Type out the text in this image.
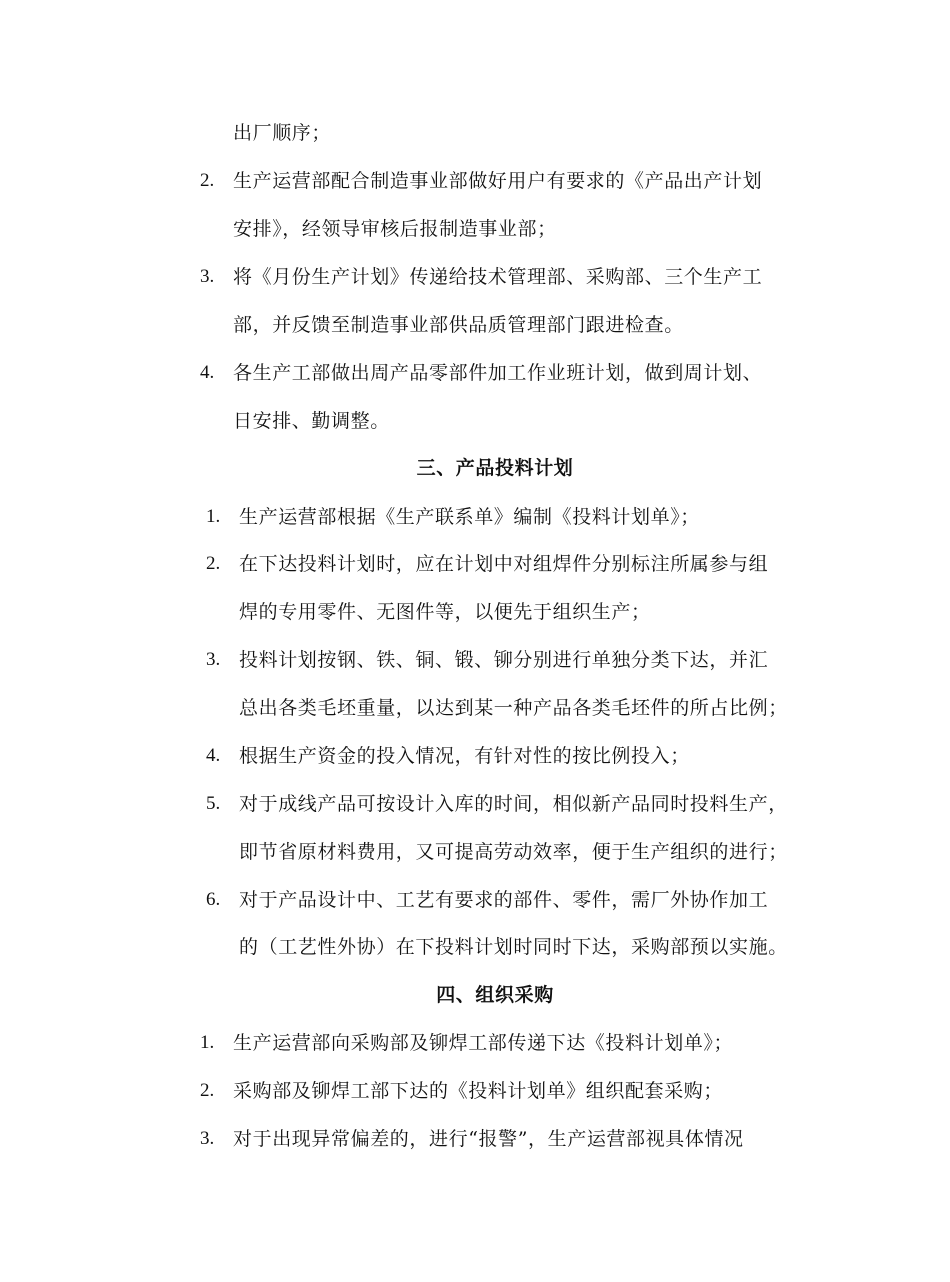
出厂顺序；
2. 生产运营部配合制造事业部做好用户有要求的《产品出产计划
安排》，经领导审核后报制造事业部；
3. 将《月份生产计划》传递给技术管理部、采购部、三个生产工
部，并反馈至制造事业部供品质管理部门跟进检查。
4. 各生产工部做出周产品零部件加工作业班计划，做到周计划、
日安排、勤调整。
三、产品投料计划
1. 生产运营部根据《生产联系单》编制《投料计划单》；
2. 在下达投料计划时，应在计划中对组焊件分别标注所属参与组
焊的专用零件、无图件等，以便先于组织生产；
3. 投料计划按钢、铁、铜、锻、铆分别进行单独分类下达，并汇
总出各类毛坯重量，以达到某一种产品各类毛坯件的所占比例；
4. 根据生产资金的投入情况，有针对性的按比例投入；
5. 对于成线产品可按设计入库的时间，相似新产品同时投料生产，
即节省原材料费用，又可提高劳动效率，便于生产组织的进行；
6. 对于产品设计中、工艺有要求的部件、零件，需厂外协作加工
的（工艺性外协）在下投料计划时同时下达，采购部预以实施。
四、组织采购
1. 生产运营部向采购部及铆焊工部传递下达《投料计划单》；
2. 采购部及铆焊工部下达的《投料计划单》组织配套采购；
3. 对于出现异常偏差的，进行“报警”，生产运营部视具体情况
